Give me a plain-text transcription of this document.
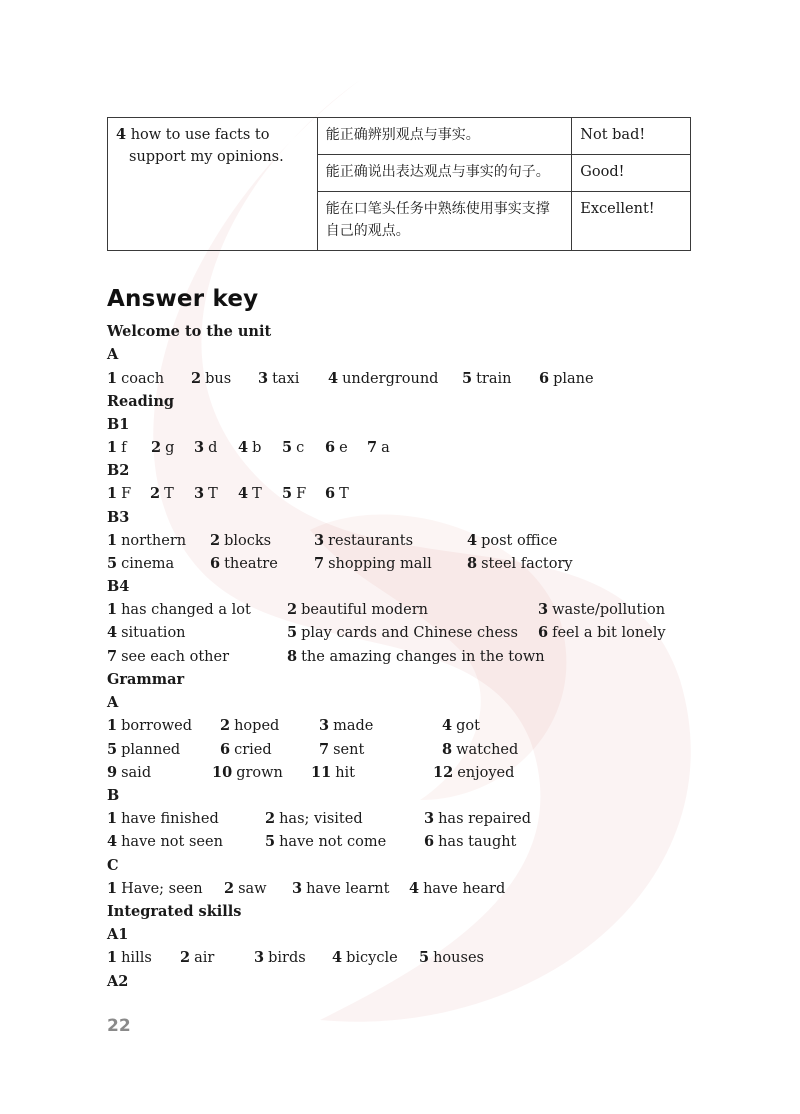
4 how to use facts to
support my opinions.	能正确辨别观点与事实。	Not bad!
	能正确说出表达观点与事实的句子。	Good!
	能在口笔头任务中熟练使用事实支撑自己的观点。	Excellent!
Answer key
Welcome to the unit
A
1 coach 2 bus 3 taxi 4 underground 5 train 6 plane
Reading
B1
1 f 2 g 3 d 4 b 5 c 6 e 7 a
B2
1 F 2 T 3 T 4 T 5 F 6 T
B3
1 northern 2 blocks	3 restaurants	4 post office
5 cinema 6 theatre 7 shopping mall 8 steel factory
B4
1 has changed a lot 2 beautiful modern	3 waste/pollution
4 situation	5 play cards and Chinese chess 6 feel a bit lonely
7 see each other	8 the amazing changes in the town
Grammar
A
1 borrowed 2 hoped	3 made	4 got
5 planned	6 cried	7 sent	8 watched
9 said	10 grown 11 hit	12 enjoyed
B
1 have finished	2 has; visited	3 has repaired
4 have not seen	5 have not come	6 has taught
C
1 Have; seen 2 saw 3 have learnt 4 have heard
Integrated skills
A1
1 hills 2 air	3 birds 4 bicycle 5 houses
A2
22
